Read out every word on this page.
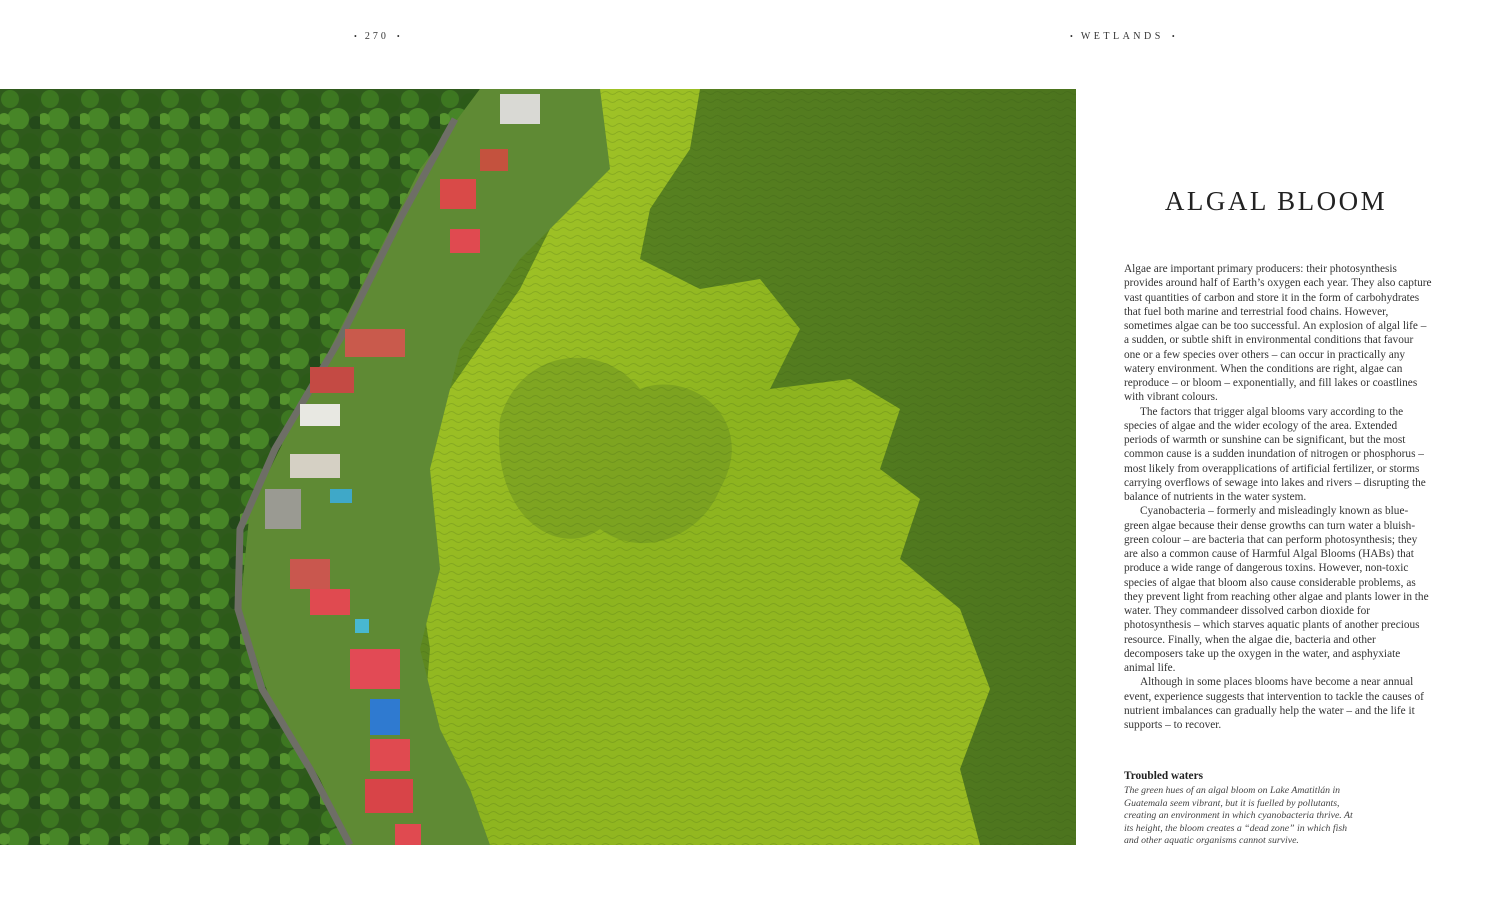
• 270 •	• WETLANDS •
ALGAL BLOOM

Algae are important primary producers: their photosynthesis provides around half of Earth’s oxygen each year. They also capture vast quantities of carbon and store it in the form of carbohydrates that fuel both marine and terrestrial food chains. However, sometimes algae can be too successful. An explosion of algal life – a sudden, or subtle shift in environmental conditions that favour one or a few species over others – can occur in practically any watery environment. When the conditions are right, algae can reproduce – or bloom – exponentially, and fill lakes or coastlines with vibrant colours.

The factors that trigger algal blooms vary according to the species of algae and the wider ecology of the area. Extended periods of warmth or sunshine can be significant, but the most common cause is a sudden inundation of nitrogen or phosphorus – most likely from overapplications of artificial fertilizer, or storms carrying overflows of sewage into lakes and rivers – disrupting the balance of nutrients in the water system.

Cyanobacteria – formerly and misleadingly known as blue-green algae because their dense growths can turn water a bluish-green colour – are bacteria that can perform photosynthesis; they are also a common cause of Harmful Algal Blooms (HABs) that produce a wide range of dangerous toxins. However, non-toxic species of algae that bloom also cause considerable problems, as they prevent light from reaching other algae and plants lower in the water. They commandeer dissolved carbon dioxide for photosynthesis – which starves aquatic plants of another precious resource. Finally, when the algae die, bacteria and other decomposers take up the oxygen in the water, and asphyxiate animal life.

Although in some places blooms have become a near annual event, experience suggests that intervention to tackle the causes of nutrient imbalances can gradually help the water – and the life it supports – to recover.

Troubled waters
The green hues of an algal bloom on Lake Amatitlán in Guatemala seem vibrant, but it is fuelled by pollutants, creating an environment in which cyanobacteria thrive. At its height, the bloom creates a “dead zone” in which fish and other aquatic organisms cannot survive.
